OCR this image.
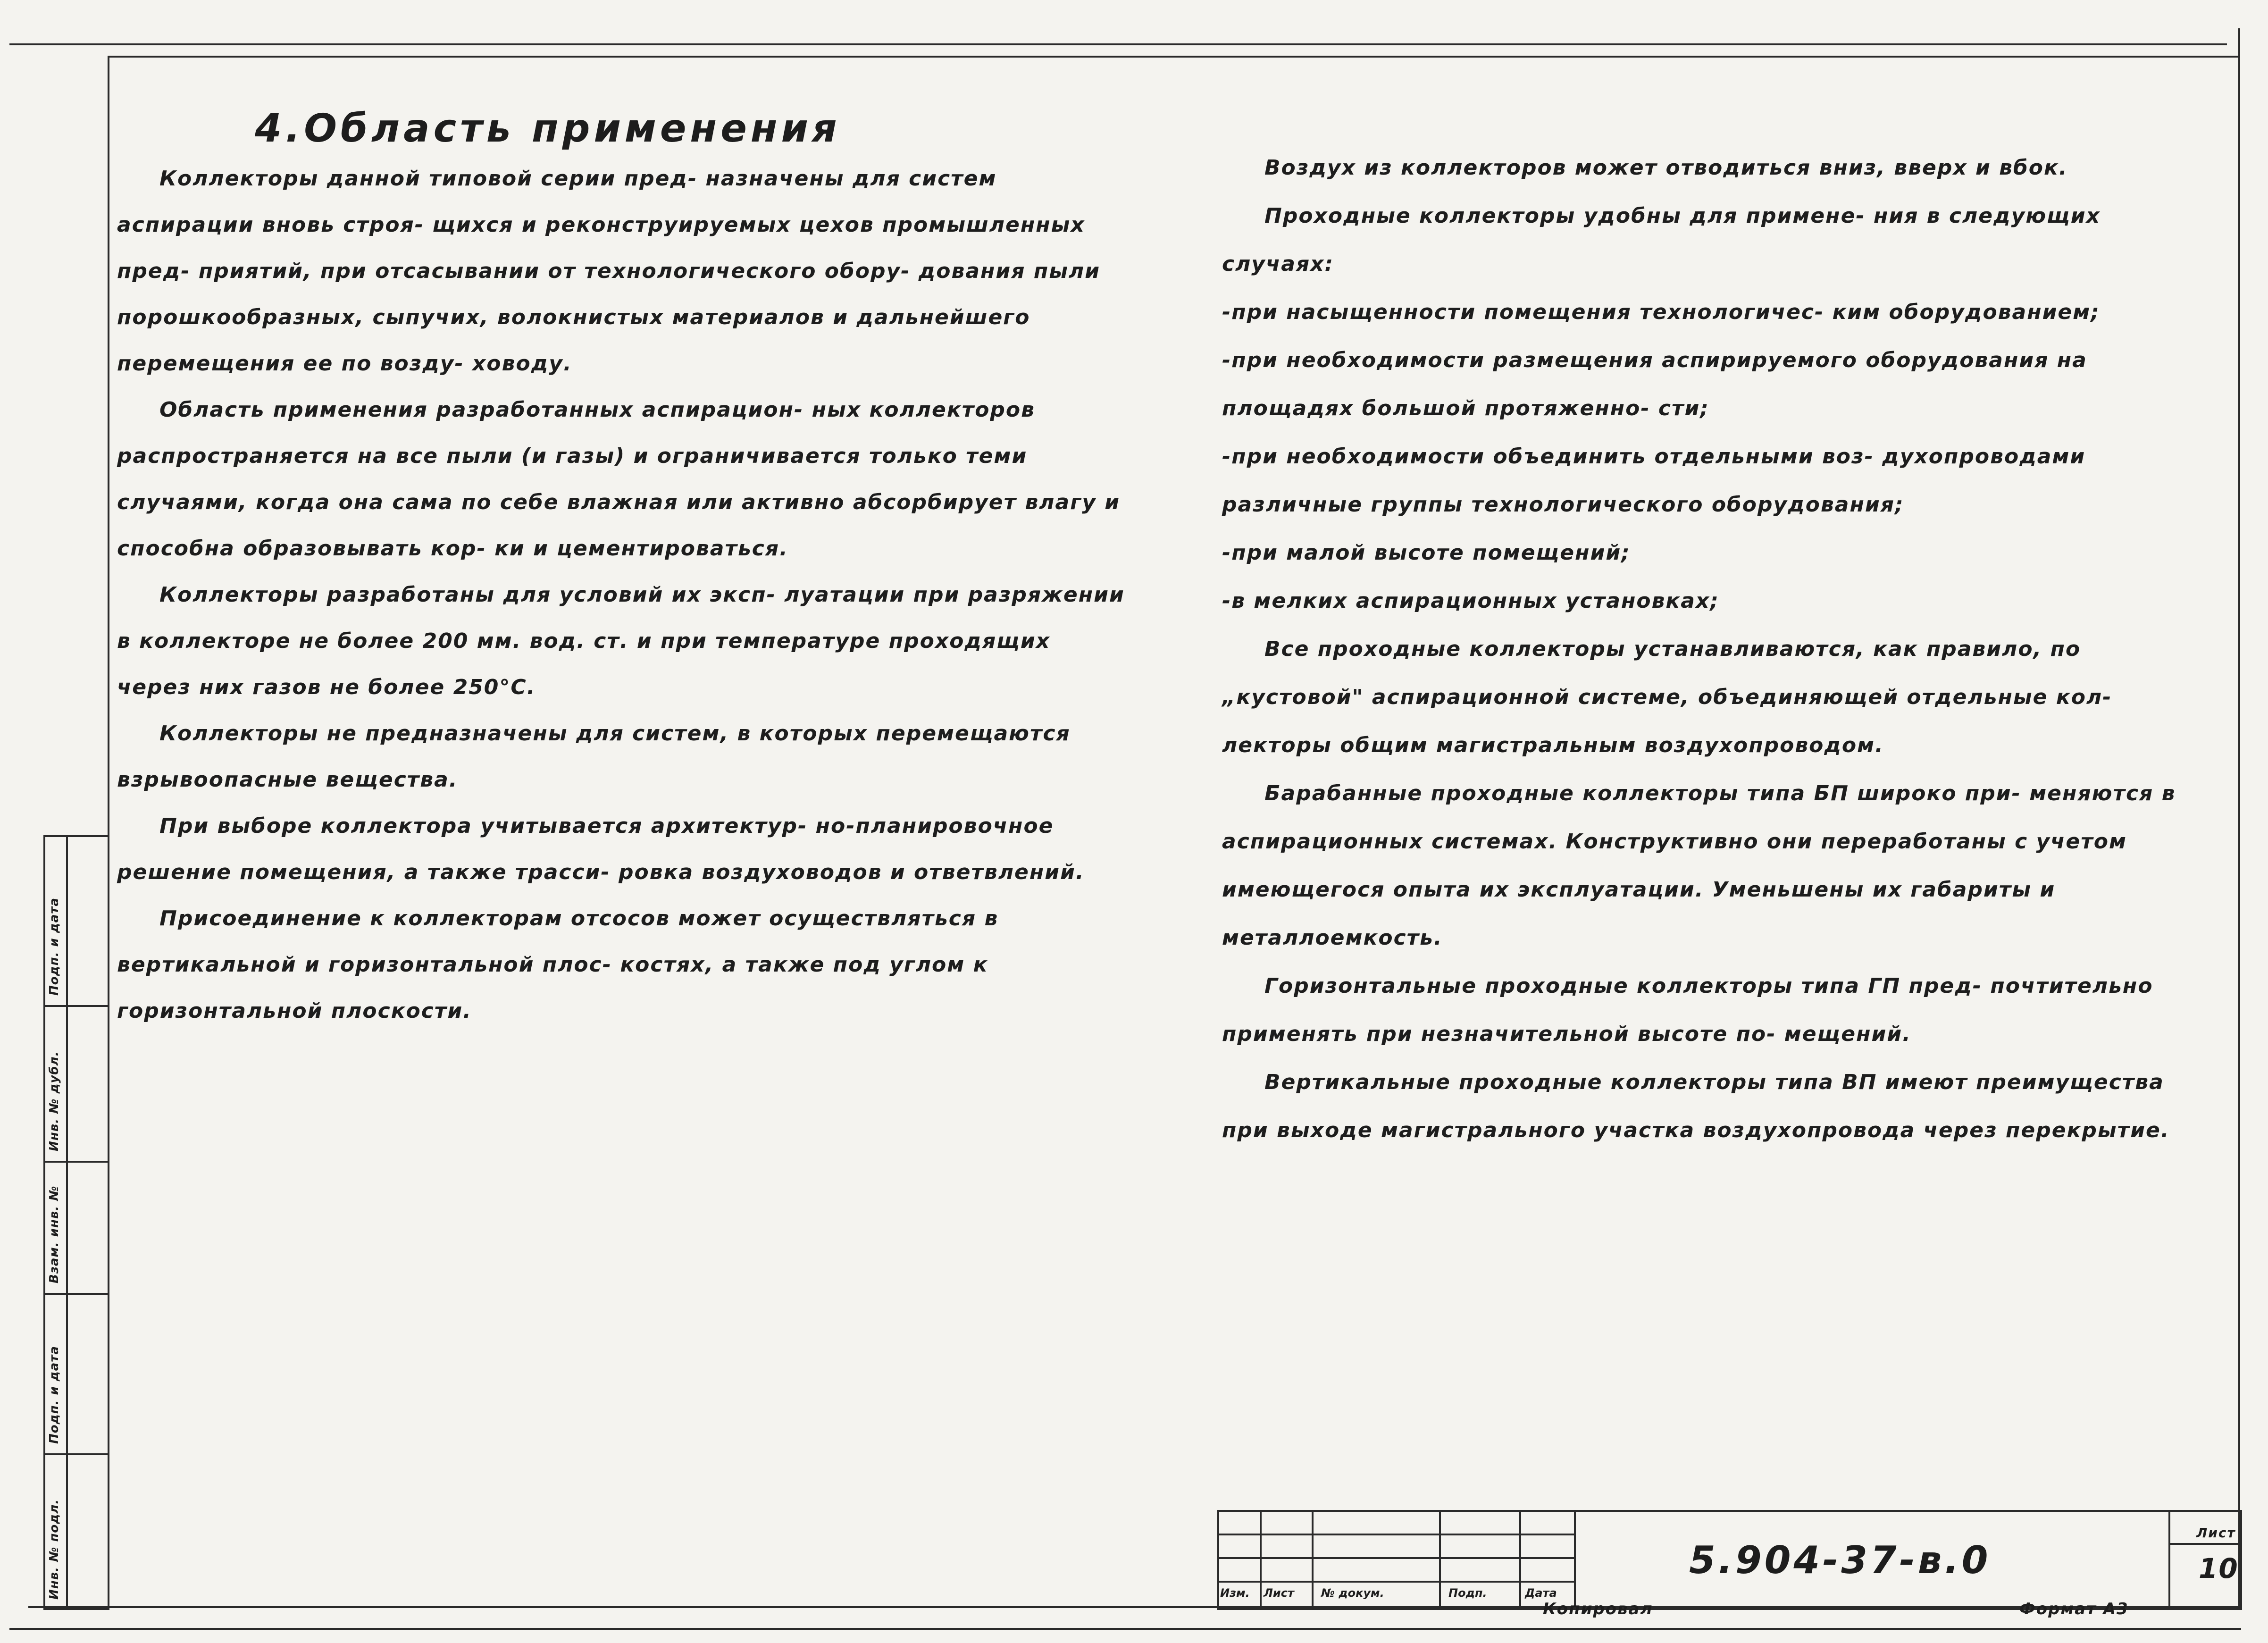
Подп. и дата
Инв. № дубл.
Взам. инв. №
Подп. и дата
Инв. № подл.
4.Область применения

Коллекторы данной типовой серии пред- назначены для систем аспирации вновь строя- щихся и реконструируемых цехов промышленных пред- приятий, при отсасывании от технологического обору- дования пыли порошкообразных, сыпучих, волокнистых материалов и дальнейшего перемещения ее по возду- ховоду.

Область применения разработанных аспирацион- ных коллекторов распространяется на все пыли (и газы) и ограничивается только теми случаями, когда она сама по себе влажная или активно абсорбирует влагу и способна образовывать кор- ки и цементироваться.

Коллекторы разработаны для условий их эксп- луатации при разряжении в коллекторе не более 200 мм. вод. ст. и при температуре проходящих через них газов не более 250°С.

Коллекторы не предназначены для систем, в которых перемещаются взрывоопасные вещества.

При выборе коллектора учитывается архитектур- но-планировочное решение помещения, а также трасси- ровка воздуховодов и ответвлений.

Присоединение к коллекторам отсосов может осуществляться в вертикальной и горизонтальной плос- костях, а также под углом к горизонтальной плоскости.

Воздух из коллекторов может отводиться вниз, вверх и вбок.

Проходные коллекторы удобны для примене- ния в следующих случаях:

-при насыщенности помещения технологичес- ким оборудованием;

-при необходимости размещения аспирируемого оборудования на площадях большой протяженно- сти;

-при необходимости объединить отдельными воз- духопроводами различные группы технологического оборудования;

-при малой высоте помещений;

-в мелких аспирационных установках;

Все проходные коллекторы устанавливаются, как правило, по „кустовой" аспирационной системе, объединяющей отдельные кол- лекторы общим магистральным воздухопроводом.

Барабанные проходные коллекторы типа БП широко при- меняются в аспирационных системах. Конструктивно они переработаны с учетом имеющегося опыта их эксплуатации. Уменьшены их габариты и металлоемкость.

Горизонтальные проходные коллекторы типа ГП пред- почтительно применять при незначительной высоте по- мещений.

Вертикальные проходные коллекторы типа ВП имеют преимущества при выходе магистрального участка воздухопровода через перекрытие.

Изм. Лист № докум.	Подп.	Дата
5.904-37-в.0
Лист
10
Копировал	Формат А3
